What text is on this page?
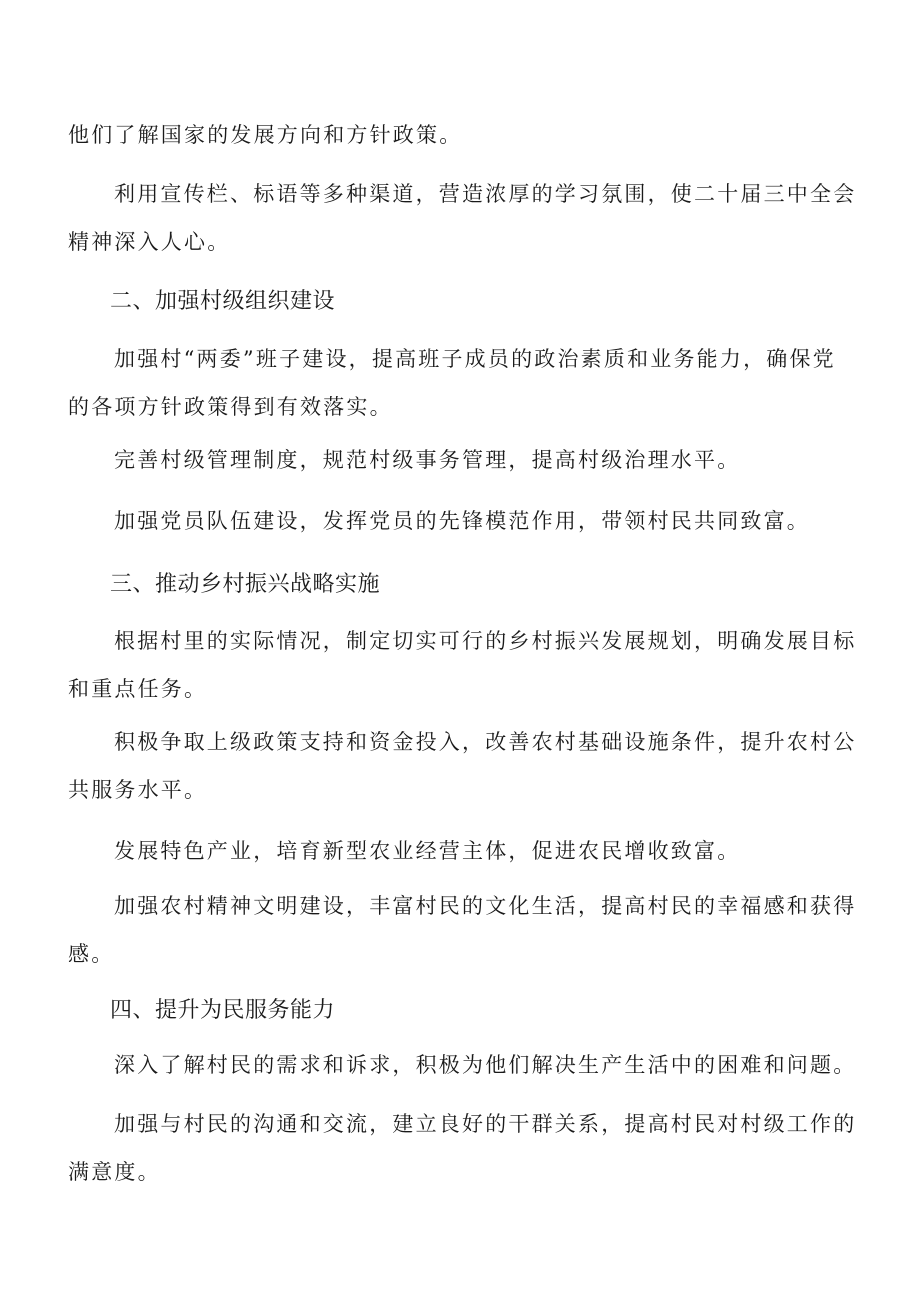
他们了解国家的发展方向和方针政策。

利用宣传栏、标语等多种渠道，营造浓厚的学习氛围，使二十届三中全会精神深入人心。

二、加强村级组织建设

加强村“两委”班子建设，提高班子成员的政治素质和业务能力，确保党的各项方针政策得到有效落实。

完善村级管理制度，规范村级事务管理，提高村级治理水平。

加强党员队伍建设，发挥党员的先锋模范作用，带领村民共同致富。

三、推动乡村振兴战略实施

根据村里的实际情况，制定切实可行的乡村振兴发展规划，明确发展目标和重点任务。

积极争取上级政策支持和资金投入，改善农村基础设施条件，提升农村公共服务水平。

发展特色产业，培育新型农业经营主体，促进农民增收致富。

加强农村精神文明建设，丰富村民的文化生活，提高村民的幸福感和获得感。

四、提升为民服务能力

深入了解村民的需求和诉求，积极为他们解决生产生活中的困难和问题。

加强与村民的沟通和交流，建立良好的干群关系，提高村民对村级工作的满意度。
